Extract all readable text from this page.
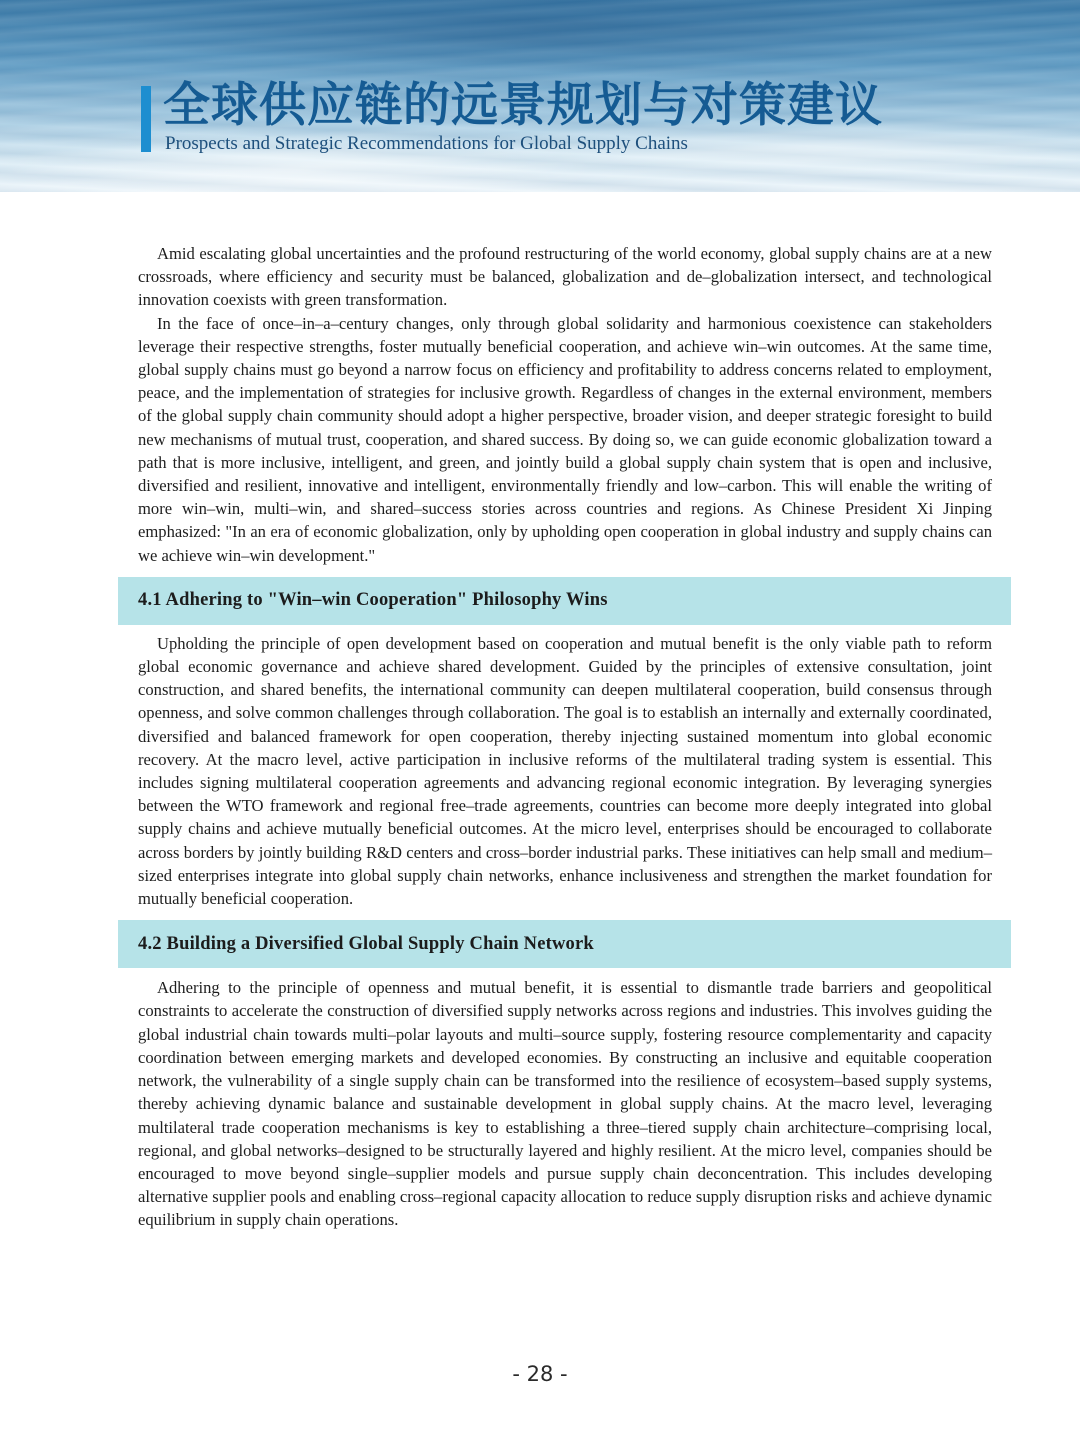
全球供应链的远景规划与对策建议
Prospects and Strategic Recommendations for Global Supply Chains

Amid escalating global uncertainties and the profound restructuring of the world economy, global supply chains are at a new crossroads, where efficiency and security must be balanced, globalization and de–globalization intersect, and technological innovation coexists with green transformation.

In the face of once–in–a–century changes, only through global solidarity and harmonious coexistence can stakeholders leverage their respective strengths, foster mutually beneficial cooperation, and achieve win–win outcomes. At the same time, global supply chains must go beyond a narrow focus on efficiency and profitability to address concerns related to employment, peace, and the implementation of strategies for inclusive growth. Regardless of changes in the external environment, members of the global supply chain community should adopt a higher perspective, broader vision, and deeper strategic foresight to build new mechanisms of mutual trust, cooperation, and shared success. By doing so, we can guide economic globalization toward a path that is more inclusive, intelligent, and green, and jointly build a global supply chain system that is open and inclusive, diversified and resilient, innovative and intelligent, environmentally friendly and low–carbon. This will enable the writing of more win–win, multi–win, and shared–success stories across countries and regions. As Chinese President Xi Jinping emphasized: "In an era of economic globalization, only by upholding open cooperation in global industry and supply chains can we achieve win–win development."

4.1 Adhering to "Win–win Cooperation" Philosophy Wins

Upholding the principle of open development based on cooperation and mutual benefit is the only viable path to reform global economic governance and achieve shared development. Guided by the principles of extensive consultation, joint construction, and shared benefits, the international community can deepen multilateral cooperation, build consensus through openness, and solve common challenges through collaboration. The goal is to establish an internally and externally coordinated, diversified and balanced framework for open cooperation, thereby injecting sustained momentum into global economic recovery. At the macro level, active participation in inclusive reforms of the multilateral trading system is essential. This includes signing multilateral cooperation agreements and advancing regional economic integration. By leveraging synergies between the WTO framework and regional free–trade agreements, countries can become more deeply integrated into global supply chains and achieve mutually beneficial outcomes. At the micro level, enterprises should be encouraged to collaborate across borders by jointly building R&D centers and cross–border industrial parks. These initiatives can help small and medium–sized enterprises integrate into global supply chain networks, enhance inclusiveness and strengthen the market foundation for mutually beneficial cooperation.

4.2 Building a Diversified Global Supply Chain Network

Adhering to the principle of openness and mutual benefit, it is essential to dismantle trade barriers and geopolitical constraints to accelerate the construction of diversified supply networks across regions and industries. This involves guiding the global industrial chain towards multi–polar layouts and multi–source supply, fostering resource complementarity and capacity coordination between emerging markets and developed economies. By constructing an inclusive and equitable cooperation network, the vulnerability of a single supply chain can be transformed into the resilience of ecosystem–based supply systems, thereby achieving dynamic balance and sustainable development in global supply chains. At the macro level, leveraging multilateral trade cooperation mechanisms is key to establishing a three–tiered supply chain architecture–comprising local, regional, and global networks–designed to be structurally layered and highly resilient. At the micro level, companies should be encouraged to move beyond single–supplier models and pursue supply chain deconcentration. This includes developing alternative supplier pools and enabling cross–regional capacity allocation to reduce supply disruption risks and achieve dynamic equilibrium in supply chain operations.

- 28 -
